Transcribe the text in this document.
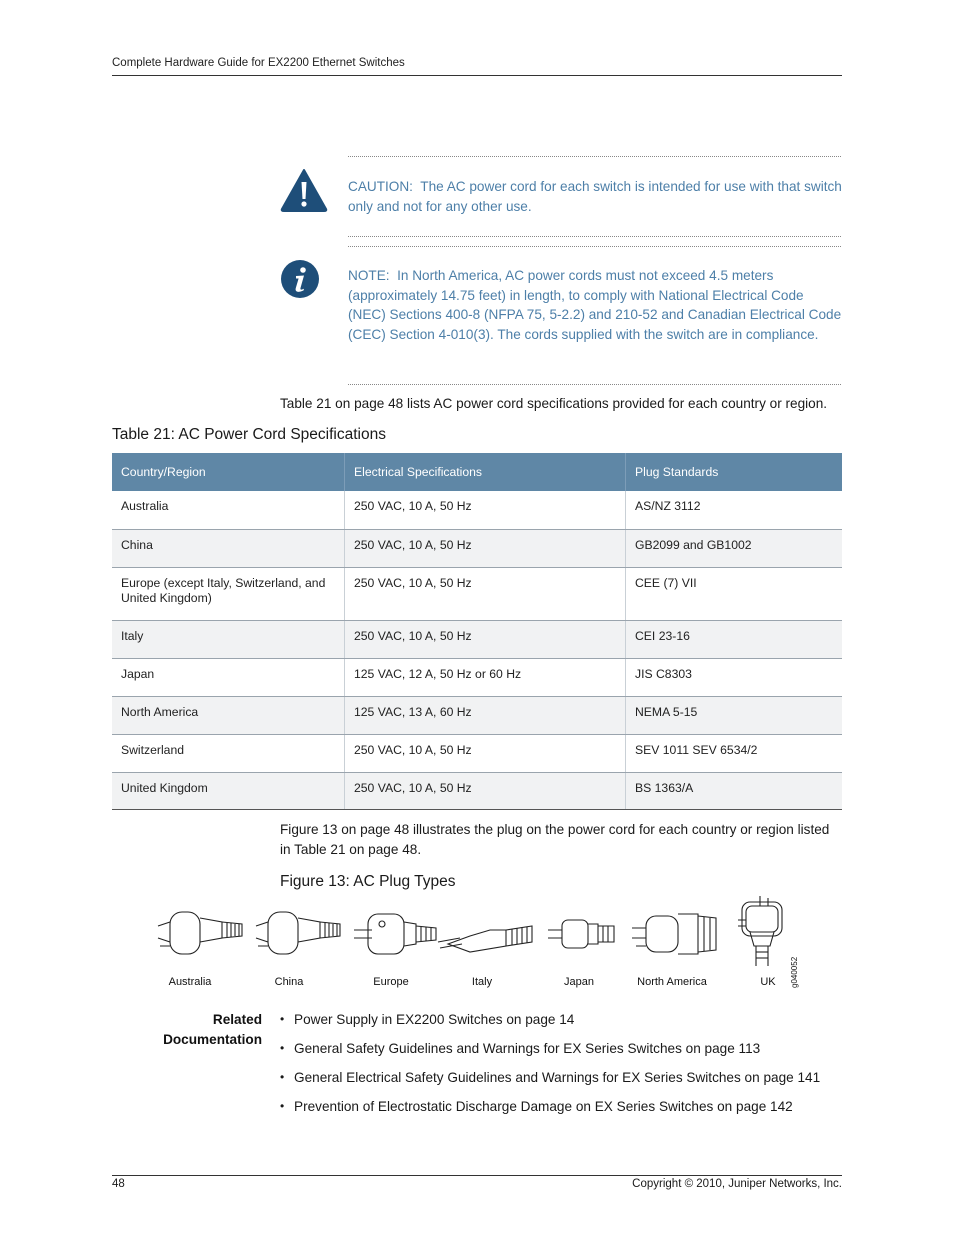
Complete Hardware Guide for EX2200 Ethernet Switches
CAUTION: The AC power cord for each switch is intended for use with that switch only and not for any other use.
NOTE: In North America, AC power cords must not exceed 4.5 meters (approximately 14.75 feet) in length, to comply with National Electrical Code (NEC) Sections 400-8 (NFPA 75, 5-2.2) and 210-52 and Canadian Electrical Code (CEC) Section 4-010(3). The cords supplied with the switch are in compliance.
Table 21 on page 48 lists AC power cord specifications provided for each country or region.
Table 21: AC Power Cord Specifications
Country/Region	Electrical Specifications	Plug Standards
Australia	250 VAC, 10 A, 50 Hz	AS/NZ 3112
China	250 VAC, 10 A, 50 Hz	GB2099 and GB1002
Europe (except Italy, Switzerland, and United Kingdom)	250 VAC, 10 A, 50 Hz	CEE (7) VII
Italy	250 VAC, 10 A, 50 Hz	CEI 23-16
Japan	125 VAC, 12 A, 50 Hz or 60 Hz	JIS C8303
North America	125 VAC, 13 A, 60 Hz	NEMA 5-15
Switzerland	250 VAC, 10 A, 50 Hz	SEV 1011 SEV 6534/2
United Kingdom	250 VAC, 10 A, 50 Hz	BS 1363/A
Figure 13 on page 48 illustrates the plug on the power cord for each country or region listed in Table 21 on page 48.
Figure 13: AC Plug Types
Australia	China	Europe	Italy	Japan	North America	UK g040052
Related
Documentation
• Power Supply in EX2200 Switches on page 14
• General Safety Guidelines and Warnings for EX Series Switches on page 113
• General Electrical Safety Guidelines and Warnings for EX Series Switches on page 141
• Prevention of Electrostatic Discharge Damage on EX Series Switches on page 142
48	Copyright © 2010, Juniper Networks, Inc.
